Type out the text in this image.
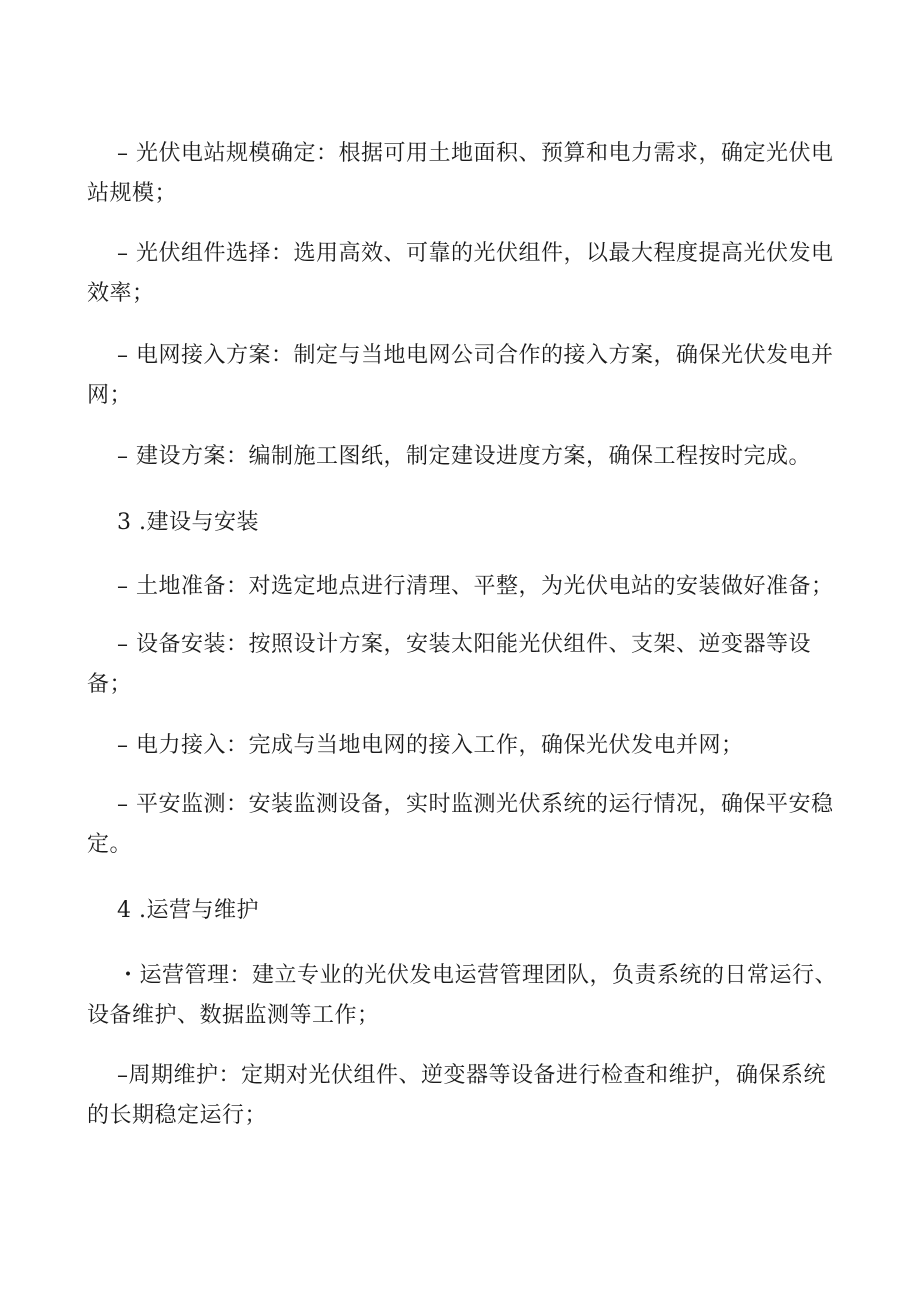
– 光伏电站规模确定：根据可用土地面积、预算和电力需求，确定光伏电站规模；

– 光伏组件选择：选用高效、可靠的光伏组件，以最大程度提高光伏发电效率；

– 电网接入方案：制定与当地电网公司合作的接入方案，确保光伏发电并网；

– 建设方案：编制施工图纸，制定建设进度方案，确保工程按时完成。

3 .建设与安装

– 土地准备：对选定地点进行清理、平整，为光伏电站的安装做好准备；

– 设备安装：按照设计方案，安装太阳能光伏组件、支架、逆变器等设备；

– 电力接入：完成与当地电网的接入工作，确保光伏发电并网；

– 平安监测：安装监测设备，实时监测光伏系统的运行情况，确保平安稳定。

4 .运营与维护

・运营管理：建立专业的光伏发电运营管理团队，负责系统的日常运行、设备维护、数据监测等工作；

–周期维护：定期对光伏组件、逆变器等设备进行检查和维护，确保系统的长期稳定运行；
